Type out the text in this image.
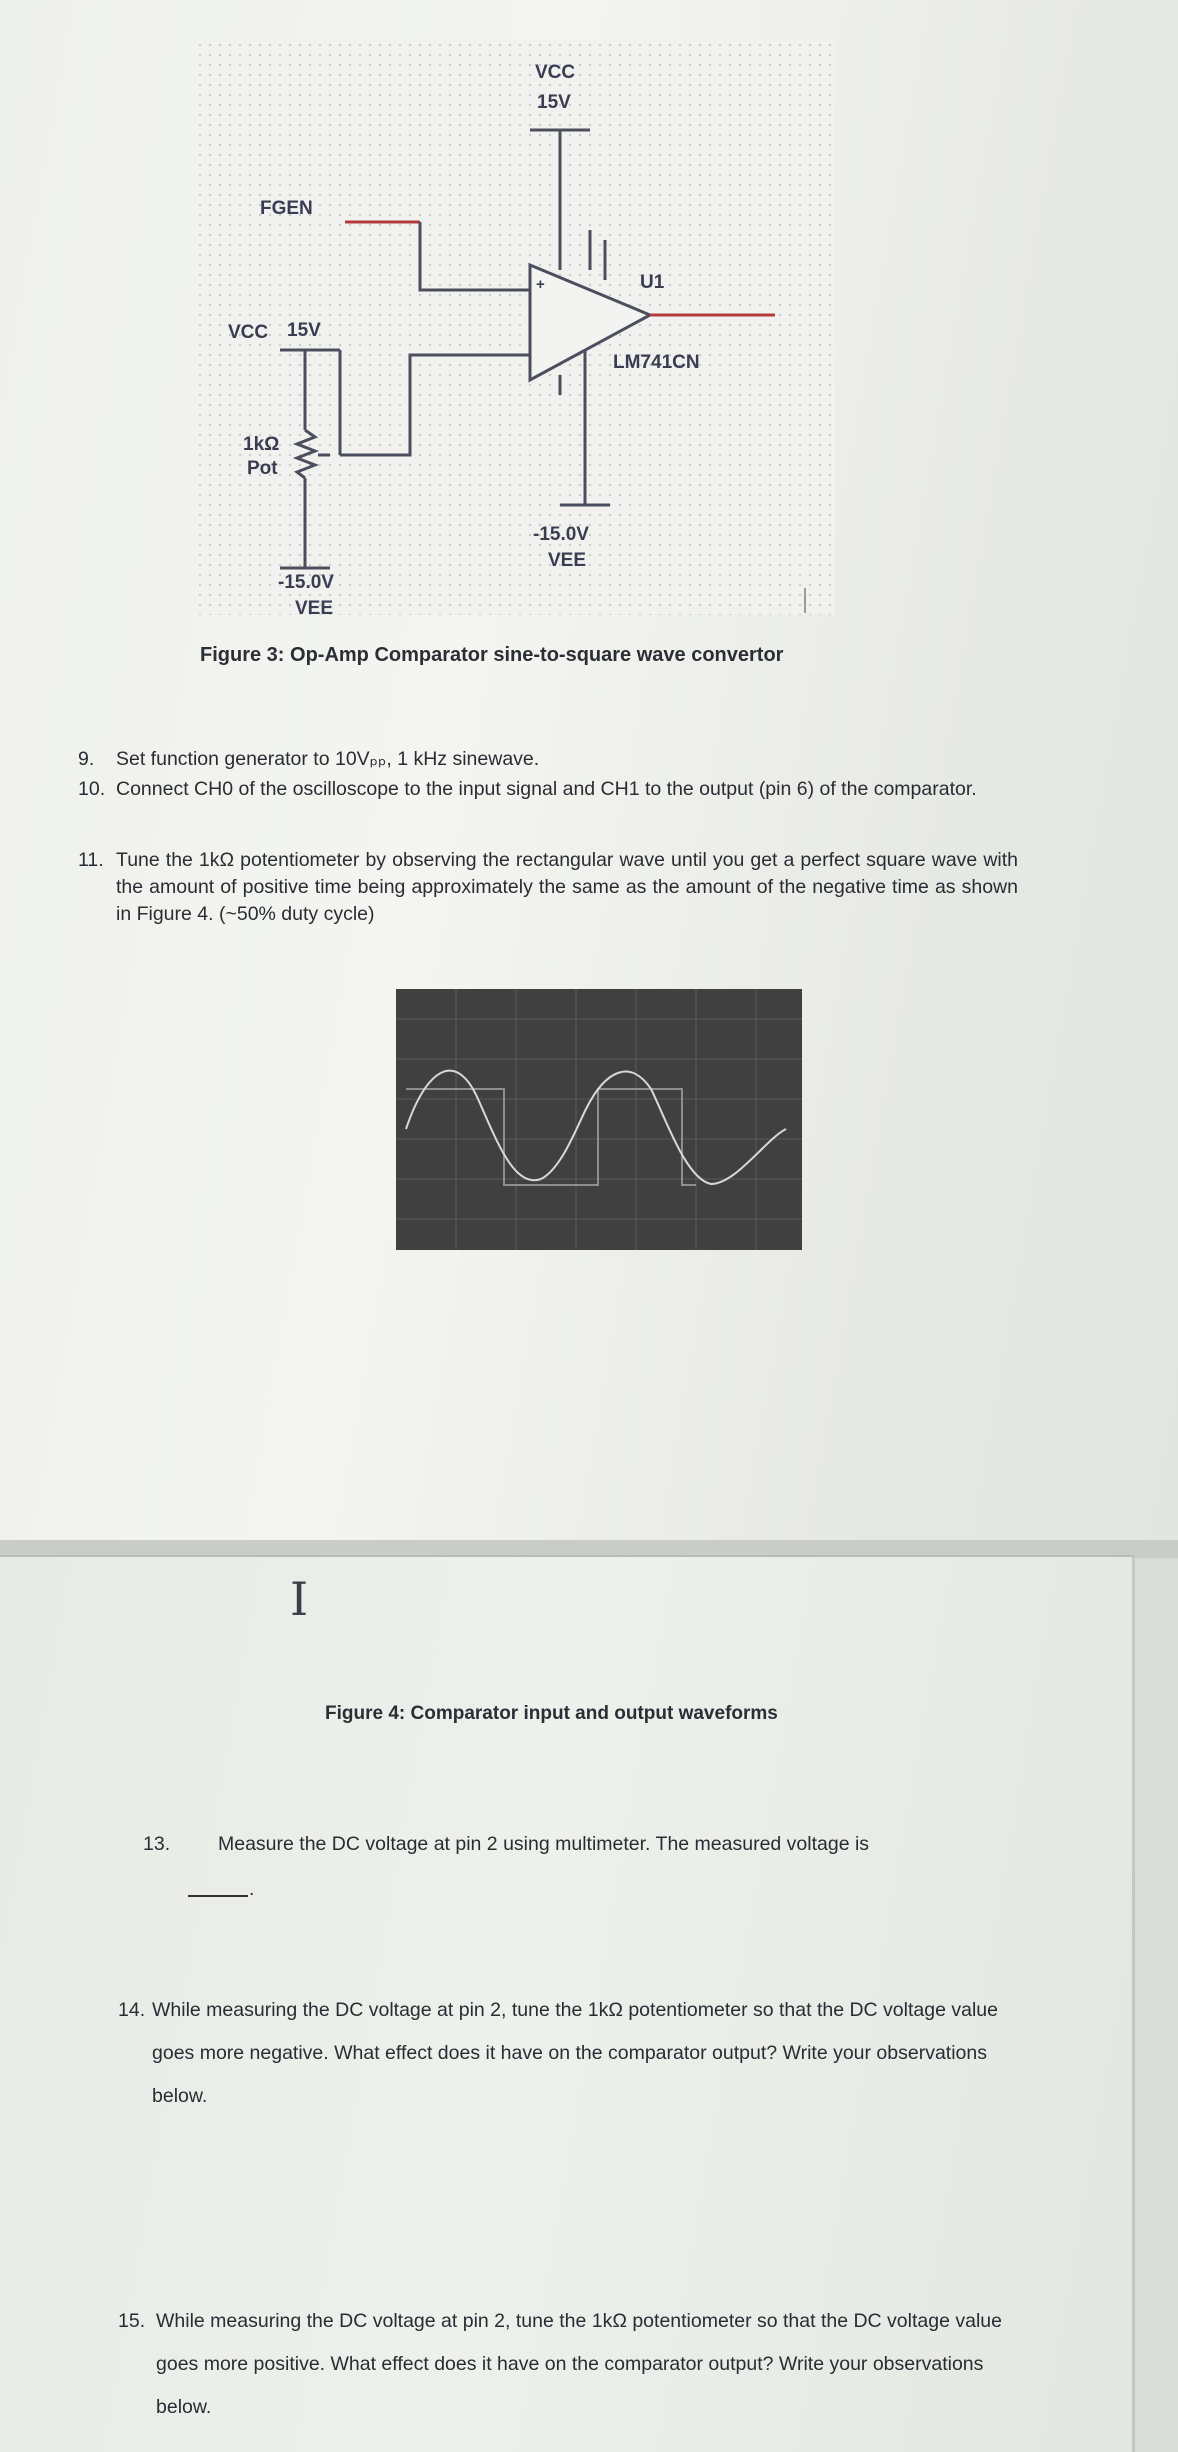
VCC
15V
FGEN
VCC 15V
1kΩ
Pot
U1
LM741CN
+
-15.0V
VEE
-15.0V
VEE
Figure 3: Op-Amp Comparator sine-to-square wave convertor
9. Set function generator to 10Vₚₚ, 1 kHz sinewave.
10. Connect CH0 of the oscilloscope to the input signal and CH1 to the output (pin 6) of the comparator.
11. Tune the 1kΩ potentiometer by observing the rectangular wave until you get a perfect square wave with the amount of positive time being approximately the same as the amount of the negative time as shown in Figure 4. (~50% duty cycle)
I
Figure 4: Comparator input and output waveforms
13. Measure the DC voltage at pin 2 using multimeter. The measured voltage is
.
14. While measuring the DC voltage at pin 2, tune the 1kΩ potentiometer so that the DC voltage value goes more negative. What effect does it have on the comparator output? Write your observations below.
15. While measuring the DC voltage at pin 2, tune the 1kΩ potentiometer so that the DC voltage value goes more positive. What effect does it have on the comparator output? Write your observations below.
